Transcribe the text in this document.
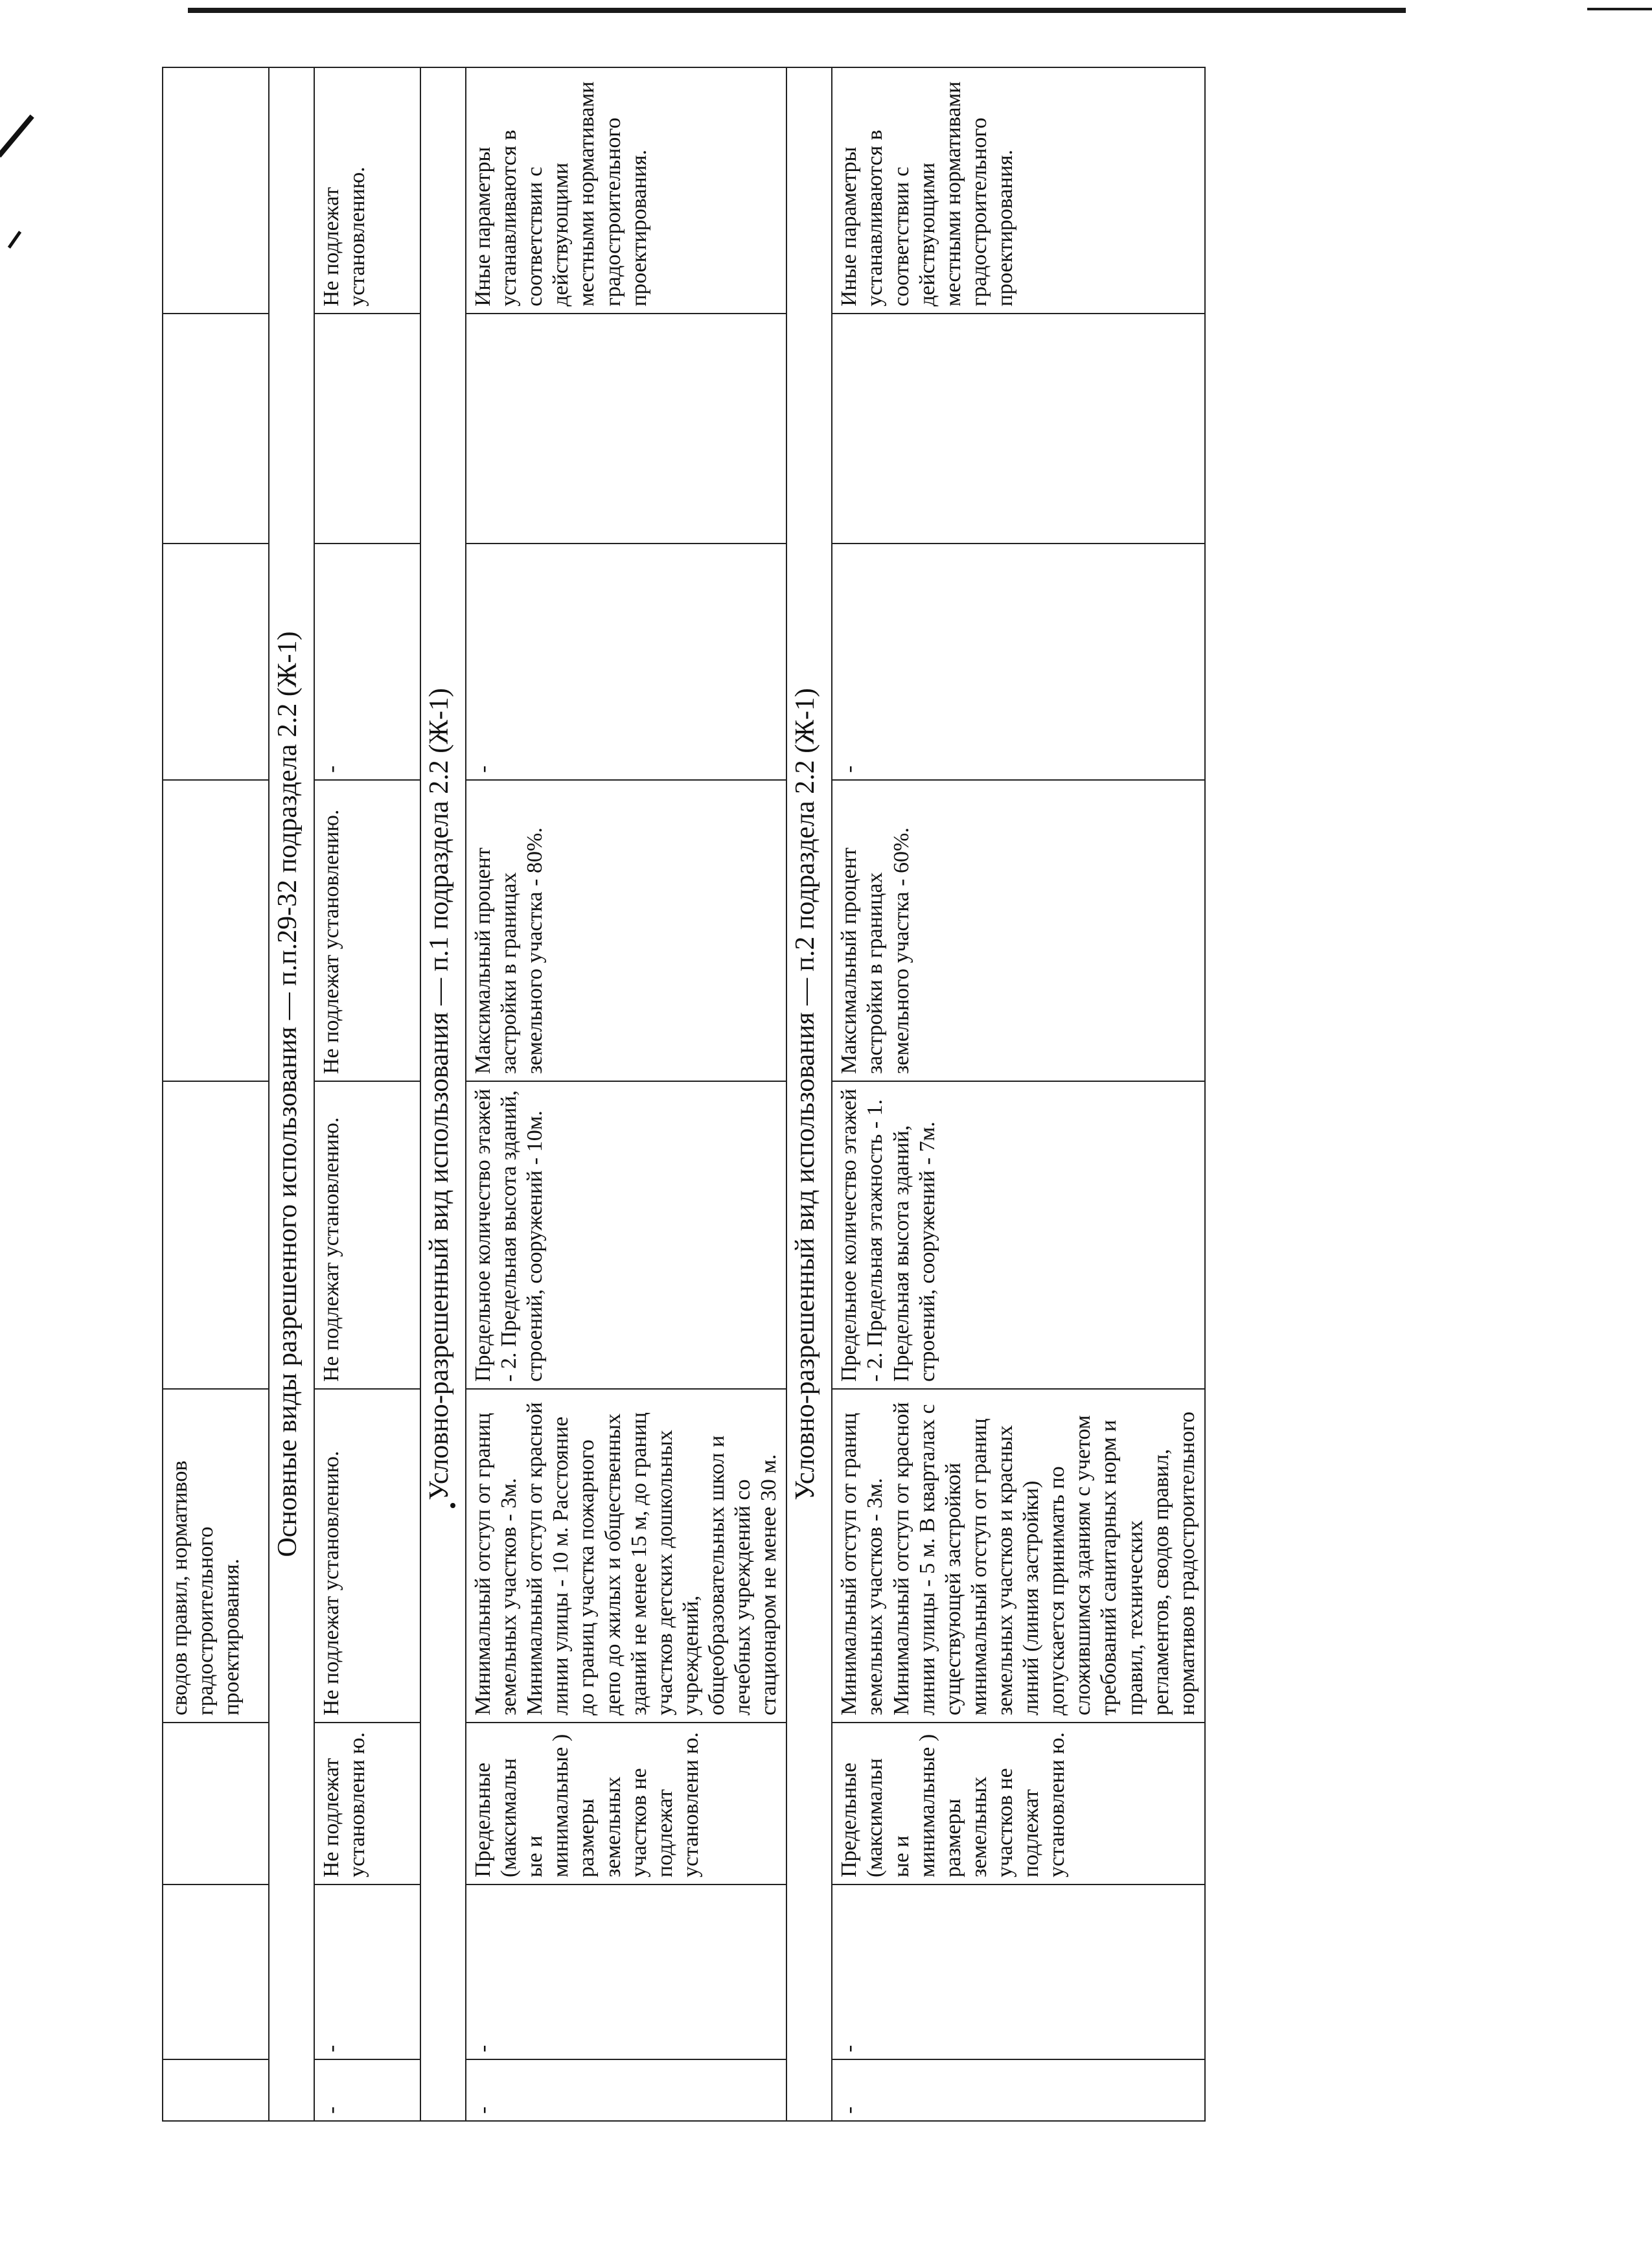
			сводов правил, нормативов градостроительного проектирования.					
Основные виды разрешенного использования — п.п.29-32 подраздела 2.2 (Ж-1)								
-	-	Не подлежат установлени ю.	Не подлежат установлению.	Не подлежат установлению.	Не подлежат установлению.	-		Не подлежат установлению.
Условно-разрешенный вид использования — п.1 подраздела 2.2 (Ж-1)								
-	-	Предельные (максимальн ые и минимальные ) размеры земельных участков не подлежат установлени ю.	Минимальный отступ от границ земельных участков - 3м. Минимальный отступ от красной линии улицы - 10 м. Расстояние до границ участка пожарного депо до жилых и общественных зданий не менее 15 м, до границ участков детских дошкольных учреждений, общеобразовательных школ и лечебных учреждений со стационаром не менее 30 м.	Предельное количество этажей - 2. Предельная высота зданий, строений, сооружений - 10м.	Максимальный процент застройки в границах земельного участка - 80%.	-		Иные параметры устанавливаются в соответствии с действующими местными нормативами градостроительного проектирования.
Условно-разрешенный вид использования — п.2 подраздела 2.2 (Ж-1)								
-	-	Предельные (максимальн ые и минимальные ) размеры земельных участков не подлежат установлени ю.	Минимальный отступ от границ земельных участков - 3м. Минимальный отступ от красной линии улицы - 5 м. В кварталах с существующей застройкой минимальный отступ от границ земельных участков и красных линий (линия застройки) допускается принимать по сложившимся зданиям с учетом требований санитарных норм и правил, технических регламентов, сводов правил, нормативов градостроительного	Предельное количество этажей - 2. Предельная этажность - 1. Предельная высота зданий, строений, сооружений - 7м.	Максимальный процент застройки в границах земельного участка - 60%.	-		Иные параметры устанавливаются в соответствии с действующими местными нормативами градостроительного проектирования.
